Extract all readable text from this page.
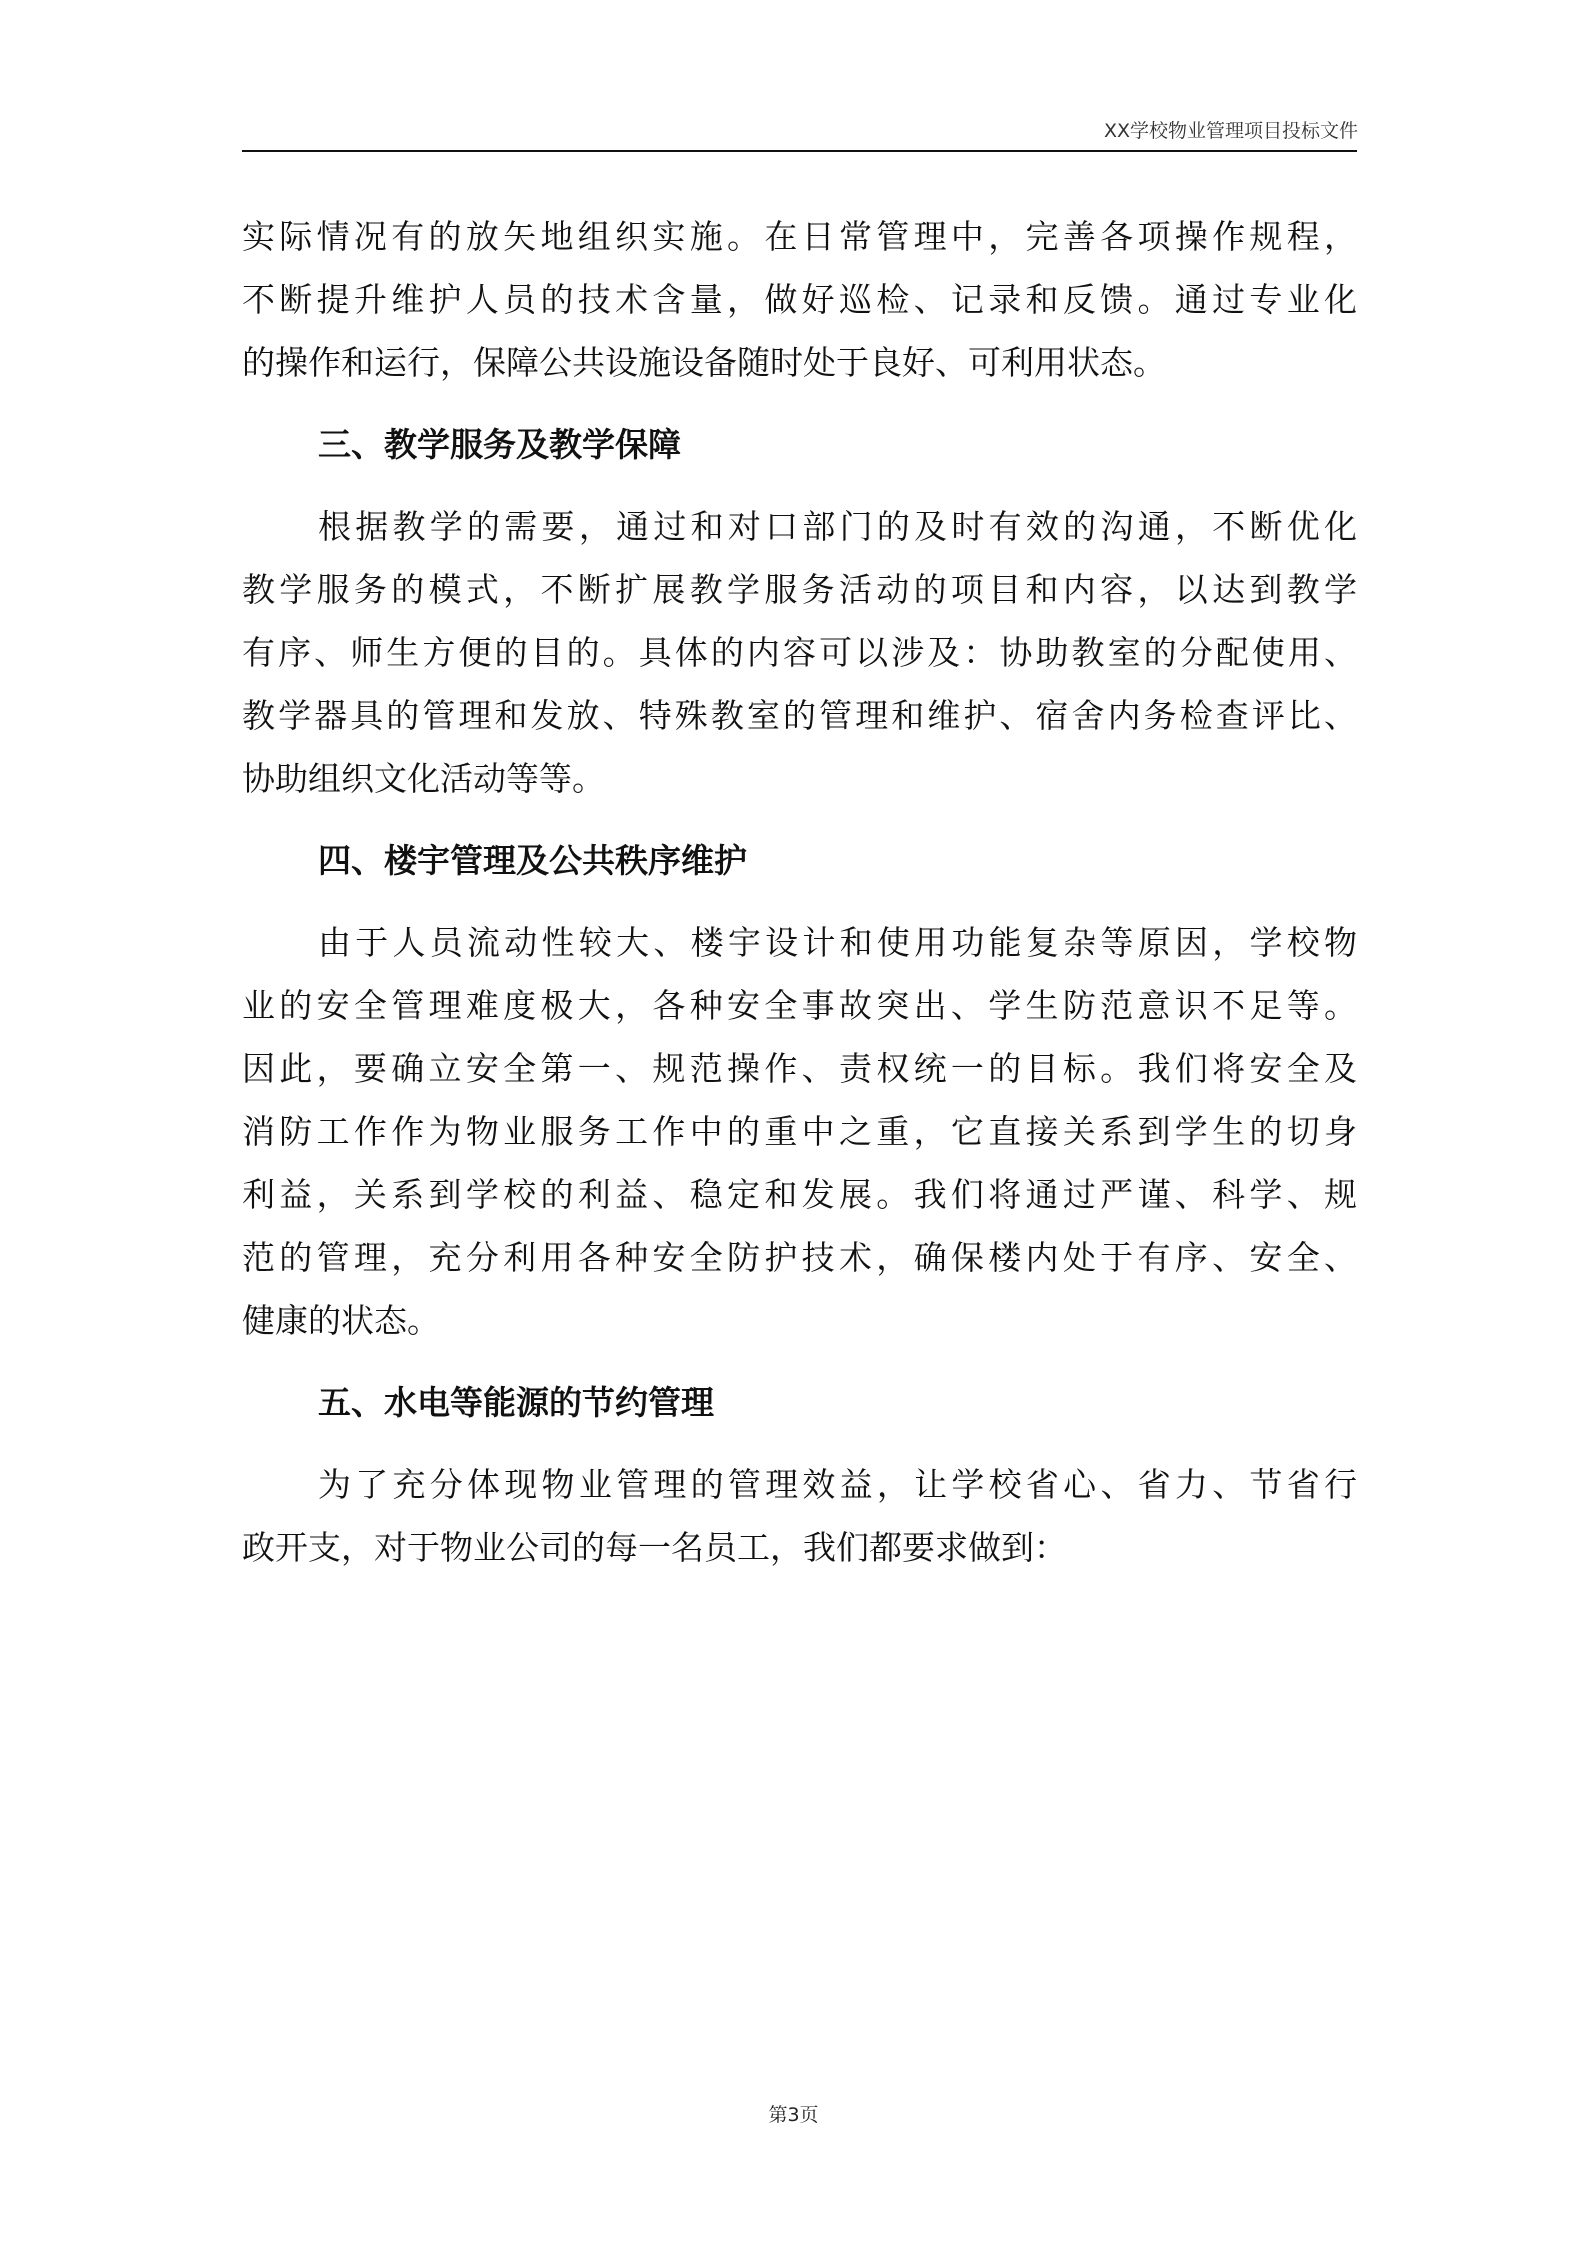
XX学校物业管理项目投标文件
实际情况有的放矢地组织实施。在日常管理中，完善各项操作规程，
不断提升维护人员的技术含量，做好巡检、记录和反馈。通过专业化
的操作和运行，保障公共设施设备随时处于良好、可利用状态。
三、教学服务及教学保障
根据教学的需要，通过和对口部门的及时有效的沟通，不断优化
教学服务的模式，不断扩展教学服务活动的项目和内容，以达到教学
有序、师生方便的目的。具体的内容可以涉及：协助教室的分配使用、
教学器具的管理和发放、特殊教室的管理和维护、宿舍内务检查评比、
协助组织文化活动等等。
四、楼宇管理及公共秩序维护
由于人员流动性较大、楼宇设计和使用功能复杂等原因，学校物
业的安全管理难度极大，各种安全事故突出、学生防范意识不足等。
因此，要确立安全第一、规范操作、责权统一的目标。我们将安全及
消防工作作为物业服务工作中的重中之重，它直接关系到学生的切身
利益，关系到学校的利益、稳定和发展。我们将通过严谨、科学、规
范的管理，充分利用各种安全防护技术，确保楼内处于有序、安全、
健康的状态。
五、水电等能源的节约管理
为了充分体现物业管理的管理效益，让学校省心、省力、节省行
政开支，对于物业公司的每一名员工，我们都要求做到：
第3页
